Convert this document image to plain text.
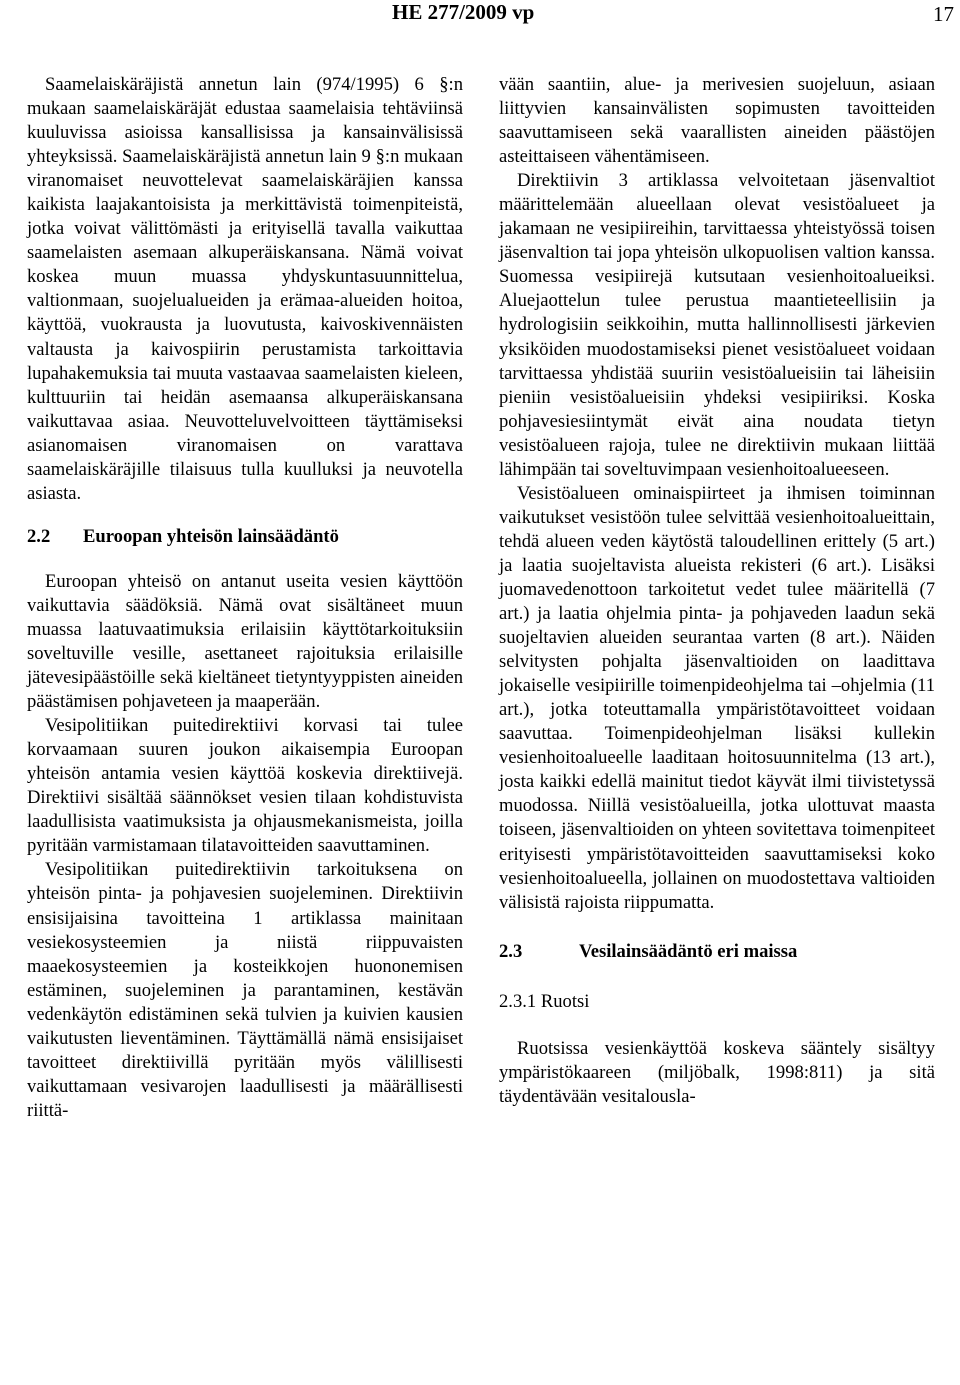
HE 277/2009 vp	17

Saamelaiskäräjistä annetun lain (974/1995) 6 §:n mukaan saamelaiskäräjät edustaa saamelaisia tehtäviinsä kuuluvissa asioissa kansallisissa ja kansainvälisissä yhteyksissä. Saamelaiskäräjistä annetun lain 9 §:n mukaan viranomaiset neuvottelevat saamelaiskäräjien kanssa kaikista laajakantoisista ja merkittävistä toimenpiteistä, jotka voivat välittömästi ja erityisellä tavalla vaikuttaa saamelaisten asemaan alkuperäiskansana. Nämä voivat koskea muun muassa yhdyskuntasuunnittelua, valtionmaan, suojelualueiden ja erämaa-alueiden hoitoa, käyttöä, vuokrausta ja luovutusta, kaivoskivennäisten valtausta ja kaivospiirin perustamista tarkoittavia lupahakemuksia tai muuta vastaavaa saamelaisten kieleen, kulttuuriin tai heidän asemaansa alkuperäiskansana vaikuttavaa asiaa. Neuvotteluvelvoitteen täyttämiseksi asianomaisen viranomaisen on varattava saamelaiskäräjille tilaisuus tulla kuulluksi ja neuvotella asiasta.

2.2	Euroopan yhteisön lainsäädäntö

Euroopan yhteisö on antanut useita vesien käyttöön vaikuttavia säädöksiä. Nämä ovat sisältäneet muun muassa laatuvaatimuksia erilaisiin käyttötarkoituksiin soveltuville vesille, asettaneet rajoituksia erilaisille jätevesipäästöille sekä kieltäneet tietyntyyppisten aineiden päästämisen pohjaveteen ja maaperään.

Vesipolitiikan puitedirektiivi korvasi tai tulee korvaamaan suuren joukon aikaisempia Euroopan yhteisön antamia vesien käyttöä koskevia direktiivejä. Direktiivi sisältää säännökset vesien tilaan kohdistuvista laadullisista vaatimuksista ja ohjausmekanismeista, joilla pyritään varmistamaan tilatavoitteiden saavuttaminen.

Vesipolitiikan puitedirektiivin tarkoituksena on yhteisön pinta- ja pohjavesien suojeleminen. Direktiivin ensisijaisina tavoitteina 1 artiklassa mainitaan vesiekosysteemien ja niistä riippuvaisten maaekosysteemien ja kosteikkojen huononemisen estäminen, suojeleminen ja parantaminen, kestävän vedenkäytön edistäminen sekä tulvien ja kuivien kausien vaikutusten lieventäminen. Täyttämällä nämä ensisijaiset tavoitteet direktiivillä pyritään myös välillisesti vaikuttamaan vesivarojen laadullisesti ja määrällisesti riittä-

vään saantiin, alue- ja merivesien suojeluun, asiaan liittyvien kansainvälisten sopimusten tavoitteiden saavuttamiseen sekä vaarallisten aineiden päästöjen asteittaiseen vähentämiseen.

Direktiivin 3 artiklassa velvoitetaan jäsenvaltiot määrittelemään alueellaan olevat vesistöalueet ja jakamaan ne vesipiireihin, tarvittaessa yhteistyössä toisen jäsenvaltion tai jopa yhteisön ulkopuolisen valtion kanssa. Suomessa vesipiirejä kutsutaan vesienhoitoalueiksi. Aluejaottelun tulee perustua maantieteellisiin ja hydrologisiin seikkoihin, mutta hallinnollisesti järkevien yksiköiden muodostamiseksi pienet vesistöalueet voidaan tarvittaessa yhdistää suuriin vesistöalueisiin tai läheisiin pieniin vesistöalueisiin yhdeksi vesipiiriksi. Koska pohjavesiesiintymät eivät aina noudata tietyn vesistöalueen rajoja, tulee ne direktiivin mukaan liittää lähimpään tai soveltuvimpaan vesienhoitoalueeseen.

Vesistöalueen ominaispiirteet ja ihmisen toiminnan vaikutukset vesistöön tulee selvittää vesienhoitoalueittain, tehdä alueen veden käytöstä taloudellinen erittely (5 art.) ja laatia suojeltavista alueista rekisteri (6 art.). Lisäksi juomavedenottoon tarkoitetut vedet tulee määritellä (7 art.) ja laatia ohjelmia pinta- ja pohjaveden laadun sekä suojeltavien alueiden seurantaa varten (8 art.). Näiden selvitysten pohjalta jäsenvaltioiden on laadittava jokaiselle vesipiirille toimenpideohjelma tai –ohjelmia (11 art.), jotka toteuttamalla ympäristötavoitteet voidaan saavuttaa. Toimenpideohjelman lisäksi kullekin vesienhoitoalueelle laaditaan hoitosuunnitelma (13 art.), josta kaikki edellä mainitut tiedot käyvät ilmi tiivistetyssä muodossa. Niillä vesistöalueilla, jotka ulottuvat maasta toiseen, jäsenvaltioiden on yhteen sovitettava toimenpiteet erityisesti ympäristötavoitteiden saavuttamiseksi koko vesienhoitoalueella, jollainen on muodostettava valtioiden välisistä rajoista riippumatta.

2.3	Vesilainsäädäntö eri maissa
2.3.1 Ruotsi

Ruotsissa vesienkäyttöä koskeva sääntely sisältyy ympäristökaareen (miljöbalk, 1998:811) ja sitä täydentävään vesitalousla-
